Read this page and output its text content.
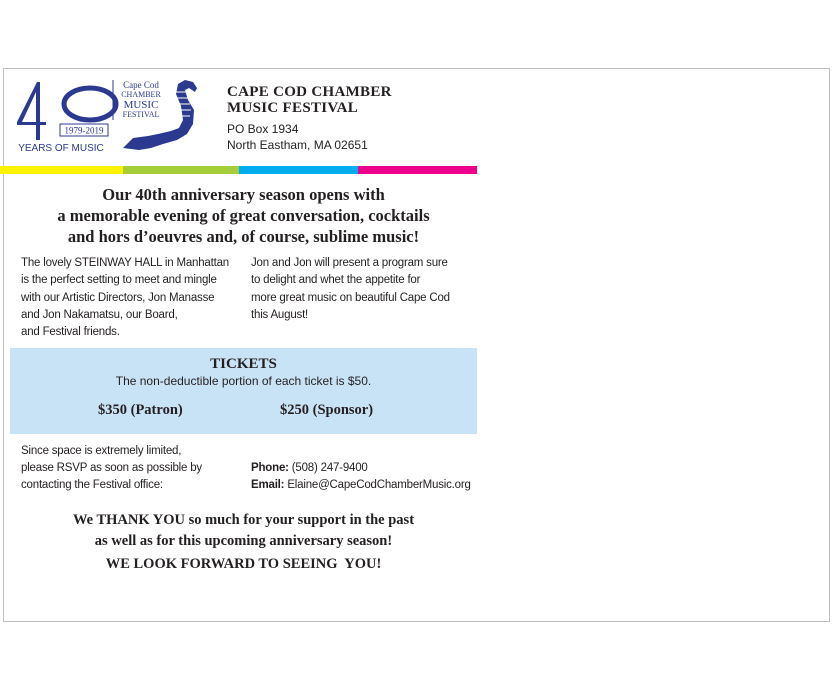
1979-2019
YEARS OF MUSIC
Cape Cod
CHAMBER
MUSIC
FESTIVAL
CAPE COD CHAMBER
MUSIC FESTIVAL
PO Box 1934
North Eastham, MA 02651
Our 40th anniversary season opens with
a memorable evening of great conversation, cocktails
and hors d’oeuvres and, of course, sublime music!
The lovely STEINWAY HALL in Manhattan
is the perfect setting to meet and mingle
with our Artistic Directors, Jon Manasse
and Jon Nakamatsu, our Board,
and Festival friends.
Jon and Jon will present a program sure
to delight and whet the appetite for
more great music on beautiful Cape Cod
this August!
TICKETS
The non-deductible portion of each ticket is $50.
$350 (Patron)	$250 (Sponsor)
Since space is extremely limited,
please RSVP as soon as possible by
contacting the Festival office:
Phone: (508) 247-9400
Email: Elaine@CapeCodChamberMusic.org
We THANK YOU so much for your support in the past
as well as for this upcoming anniversary season!
WE LOOK FORWARD TO SEEING  YOU!
